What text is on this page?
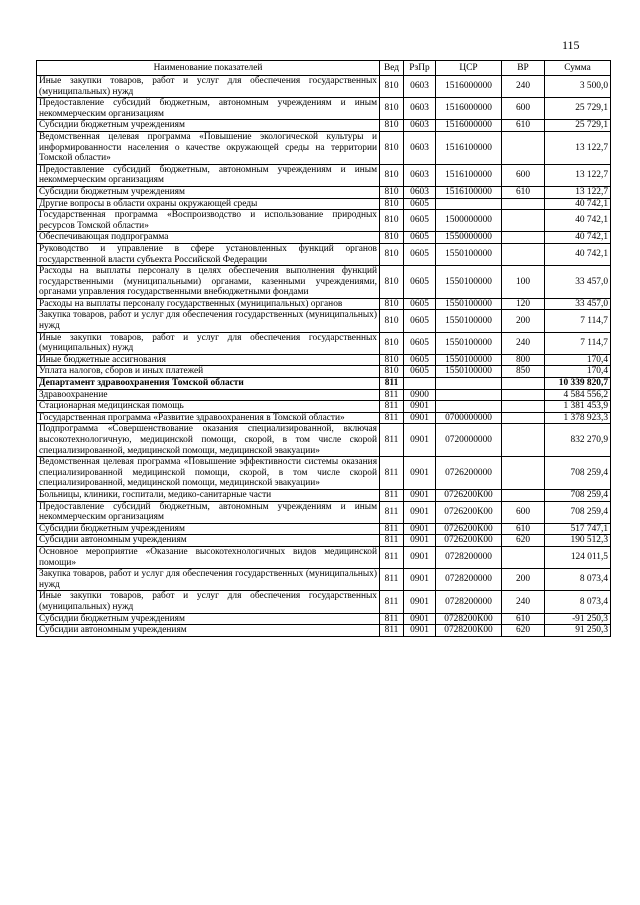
115
Наименование показателей	Вед	РзПр	ЦСР	ВР	Сумма
Иные закупки товаров, работ и услуг для обеспечения государственных (муниципальных) нужд	810	0603	1516000000	240	3 500,0
Предоставление субсидий бюджетным, автономным учреждениям и иным некоммерческим организациям	810	0603	1516000000	600	25 729,1
Субсидии бюджетным учреждениям	810	0603	1516000000	610	25 729,1
Ведомственная целевая программа «Повышение экологической культуры и информированности населения о качестве окружающей среды на территории Томской области»	810	0603	1516100000		13 122,7
Предоставление субсидий бюджетным, автономным учреждениям и иным некоммерческим организациям	810	0603	1516100000	600	13 122,7
Субсидии бюджетным учреждениям	810	0603	1516100000	610	13 122,7
Другие вопросы в области охраны окружающей среды	810	0605			40 742,1
Государственная программа «Воспроизводство и использование природных ресурсов Томской области»	810	0605	1500000000		40 742,1
Обеспечивающая подпрограмма	810	0605	1550000000		40 742,1
Руководство и управление в сфере установленных функций органов государственной власти субъекта Российской Федерации	810	0605	1550100000		40 742,1
Расходы на выплаты персоналу в целях обеспечения выполнения функций государственными (муниципальными) органами, казенными учреждениями, органами управления государственными внебюджетными фондами	810	0605	1550100000	100	33 457,0
Расходы на выплаты персоналу государственных (муниципальных) органов	810	0605	1550100000	120	33 457,0
Закупка товаров, работ и услуг для обеспечения государственных (муниципальных) нужд	810	0605	1550100000	200	7 114,7
Иные закупки товаров, работ и услуг для обеспечения государственных (муниципальных) нужд	810	0605	1550100000	240	7 114,7
Иные бюджетные ассигнования	810	0605	1550100000	800	170,4
Уплата налогов, сборов и иных платежей	810	0605	1550100000	850	170,4
Департамент здравоохранения Томской области	811				10 339 820,7
Здравоохранение	811	0900			4 584 556,2
Стационарная медицинская помощь	811	0901			1 381 453,9
Государственная программа «Развитие здравоохранения в Томской области»	811	0901	0700000000		1 378 923,3
Подпрограмма «Совершенствование оказания специализированной, включая высокотехнологичную, медицинской помощи, скорой, в том числе скорой специализированной, медицинской помощи, медицинской эвакуации»	811	0901	0720000000		832 270,9
Ведомственная целевая программа «Повышение эффективности системы оказания специализированной медицинской помощи, скорой, в том числе скорой специализированной, медицинской помощи, медицинской эвакуации»	811	0901	0726200000		708 259,4
Больницы, клиники, госпитали, медико-санитарные части	811	0901	0726200К00		708 259,4
Предоставление субсидий бюджетным, автономным учреждениям и иным некоммерческим организациям	811	0901	0726200К00	600	708 259,4
Субсидии бюджетным учреждениям	811	0901	0726200К00	610	517 747,1
Субсидии автономным учреждениям	811	0901	0726200К00	620	190 512,3
Основное мероприятие «Оказание высокотехнологичных видов медицинской помощи»	811	0901	0728200000		124 011,5
Закупка товаров, работ и услуг для обеспечения государственных (муниципальных) нужд	811	0901	0728200000	200	8 073,4
Иные закупки товаров, работ и услуг для обеспечения государственных (муниципальных) нужд	811	0901	0728200000	240	8 073,4
Субсидии бюджетным учреждениям	811	0901	0728200К00	610	-91 250,3
Субсидии автономным учреждениям	811	0901	0728200К00	620	91 250,3
